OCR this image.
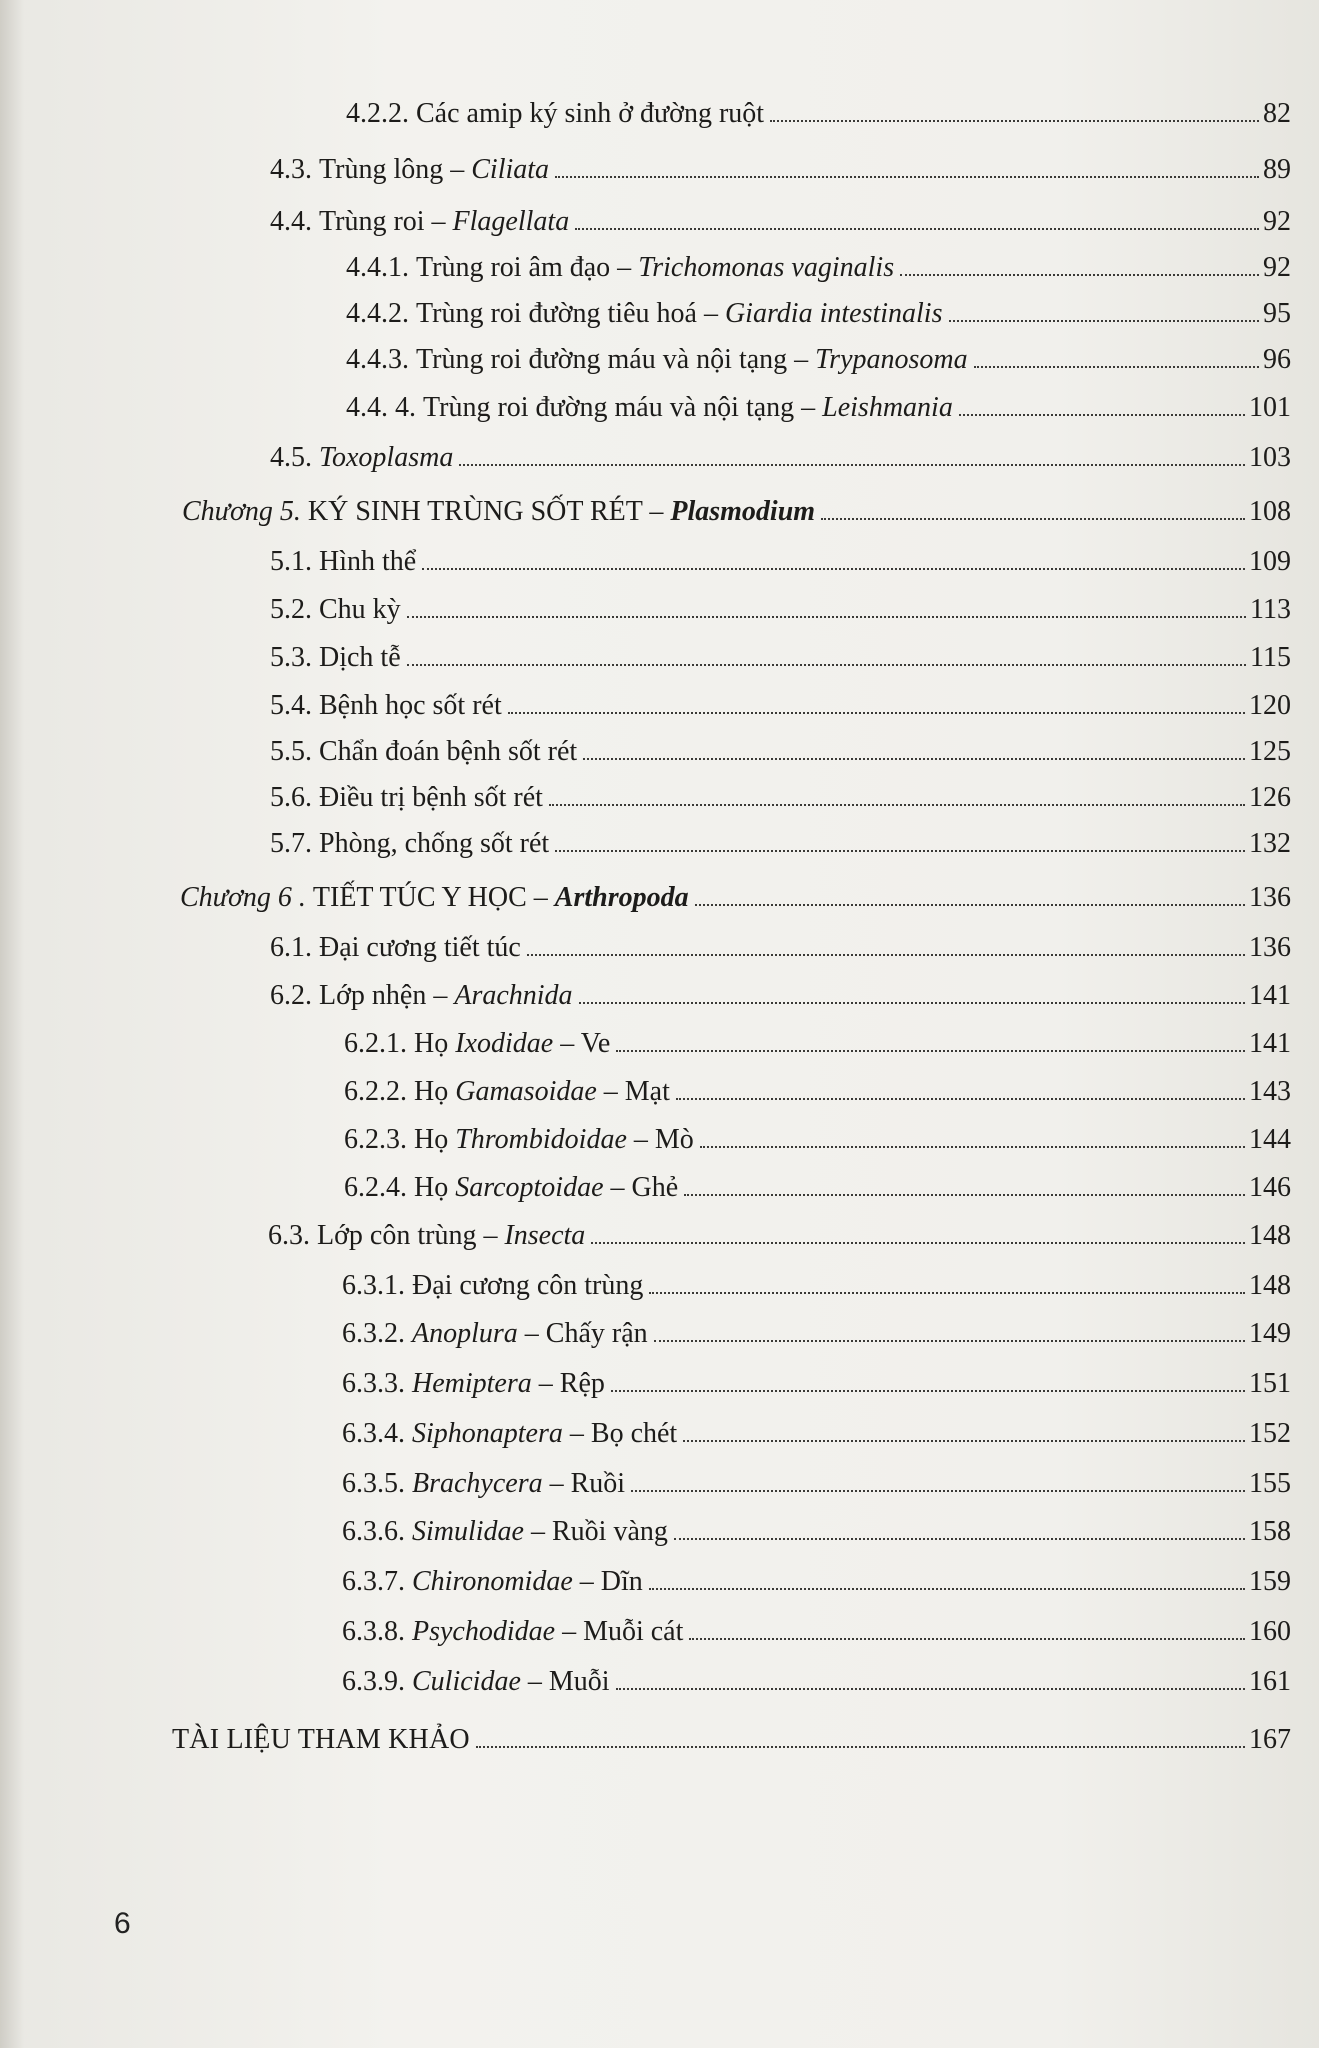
4.2.2.
Các amip ký sinh ở đường ruột	82
4.3.
Trùng lông – Ciliata	89
4.4.
Trùng roi – Flagellata	92
4.4.1.
Trùng roi âm đạo – Trichomonas vaginalis	92
4.4.2.
Trùng roi đường tiêu hoá – Giardia intestinalis	95
4.4.3.
Trùng roi đường máu và nội tạng – Trypanosoma	96
4.4. 4.
Trùng roi đường máu và nội tạng – Leishmania	101
4.5.
Toxoplasma	103
Chương 5.
KÝ SINH TRÙNG SỐT RÉT – Plasmodium	108
5.1.
Hình thể	109
5.2.
Chu kỳ	113
5.3.
Dịch tễ	115
5.4.
Bệnh học sốt rét	120
5.5.
Chẩn đoán bệnh sốt rét	125
5.6.
Điều trị bệnh sốt rét	126
5.7.
Phòng, chống sốt rét	132
Chương 6 .
TIẾT TÚC Y HỌC – Arthropoda	136
6.1.
Đại cương tiết túc	136
6.2.
Lớp nhện – Arachnida	141
6.2.1.
Họ Ixodidae – Ve	141
6.2.2.
Họ Gamasoidae – Mạt	143
6.2.3.
Họ Thrombidoidae – Mò	144
6.2.4.
Họ Sarcoptoidae – Ghẻ	146
6.3.
Lớp côn trùng – Insecta	148
6.3.1.
Đại cương côn trùng	148
6.3.2.
Anoplura – Chấy rận	149
6.3.3.
Hemiptera – Rệp	151
6.3.4.
Siphonaptera – Bọ chét	152
6.3.5.
Brachycera – Ruồi	155
6.3.6.
Simulidae – Ruồi vàng	158
6.3.7.
Chironomidae – Dĩn	159
6.3.8.
Psychodidae – Muỗi cát	160
6.3.9.
Culicidae – Muỗi	161
TÀI LIỆU THAM KHẢO	167
6
